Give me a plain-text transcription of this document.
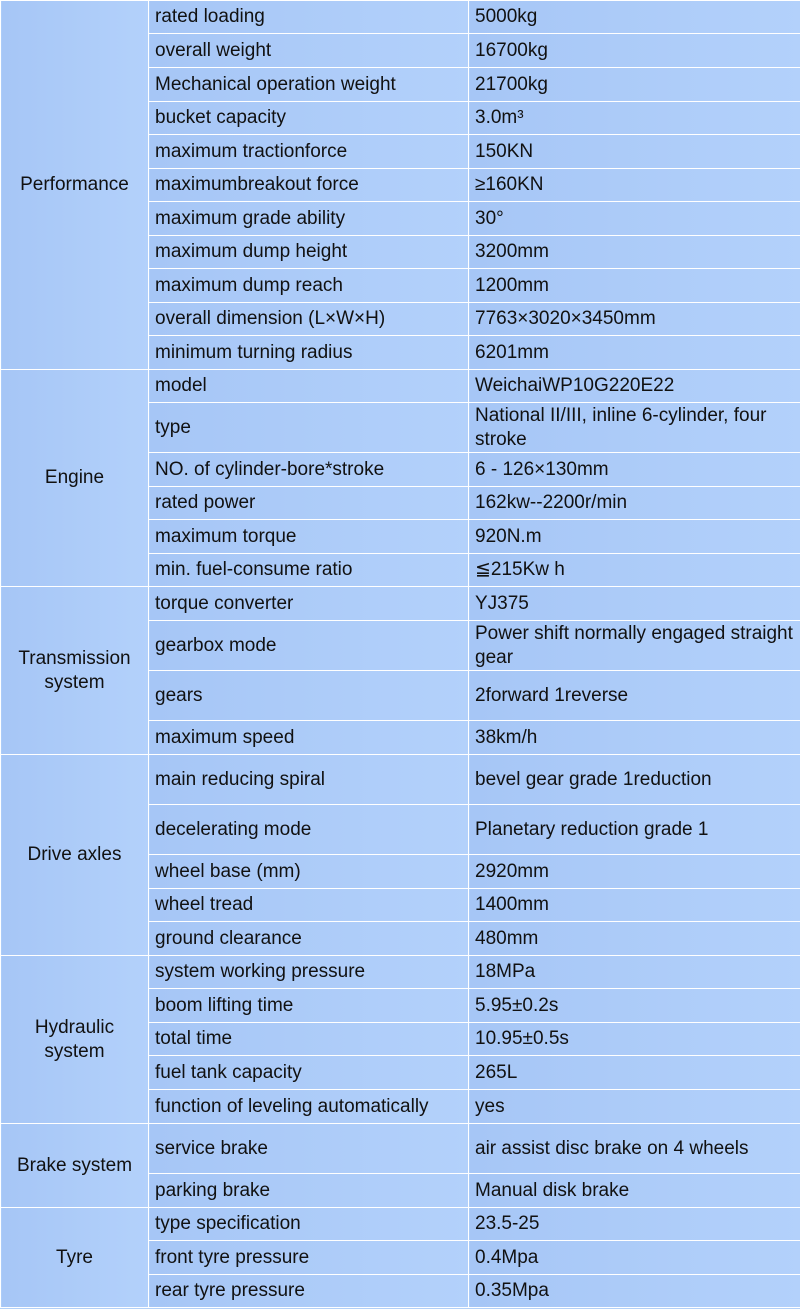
Performance	rated loading	5000kg
	overall weight	16700kg
	Mechanical operation weight	21700kg
	bucket capacity	3.0m³
	maximum tractionforce	150KN
	maximumbreakout force	≥160KN
	maximum grade ability	30°
	maximum dump height	3200mm
	maximum dump reach	1200mm
	overall dimension (L×W×H)	7763×3020×3450mm
	minimum turning radius	6201mm
Engine	model	WeichaiWP10G220E22
	type	National II/III, inline 6-cylinder, four stroke
	NO. of cylinder-bore*stroke	6 - 126×130mm
	rated power	162kw--2200r/min
	maximum torque	920N.m
	min. fuel-consume ratio	≦215Kw h
Transmission system	torque converter	YJ375
	gearbox mode	Power shift normally engaged straight gear
	gears	2forward 1reverse
	maximum speed	38km/h
Drive axles	main reducing spiral	bevel gear grade 1reduction
	decelerating mode	Planetary reduction grade 1
	wheel base (mm)	2920mm
	wheel tread	1400mm
	ground clearance	480mm
Hydraulic system	system working pressure	18MPa
	boom lifting time	5.95±0.2s
	total time	10.95±0.5s
	fuel tank capacity	265L
	function of leveling automatically	yes
Brake system	service brake	air assist disc brake on 4 wheels
	parking brake	Manual disk brake
Tyre	type specification	23.5-25
	front tyre pressure	0.4Mpa
	rear tyre pressure	0.35Mpa
